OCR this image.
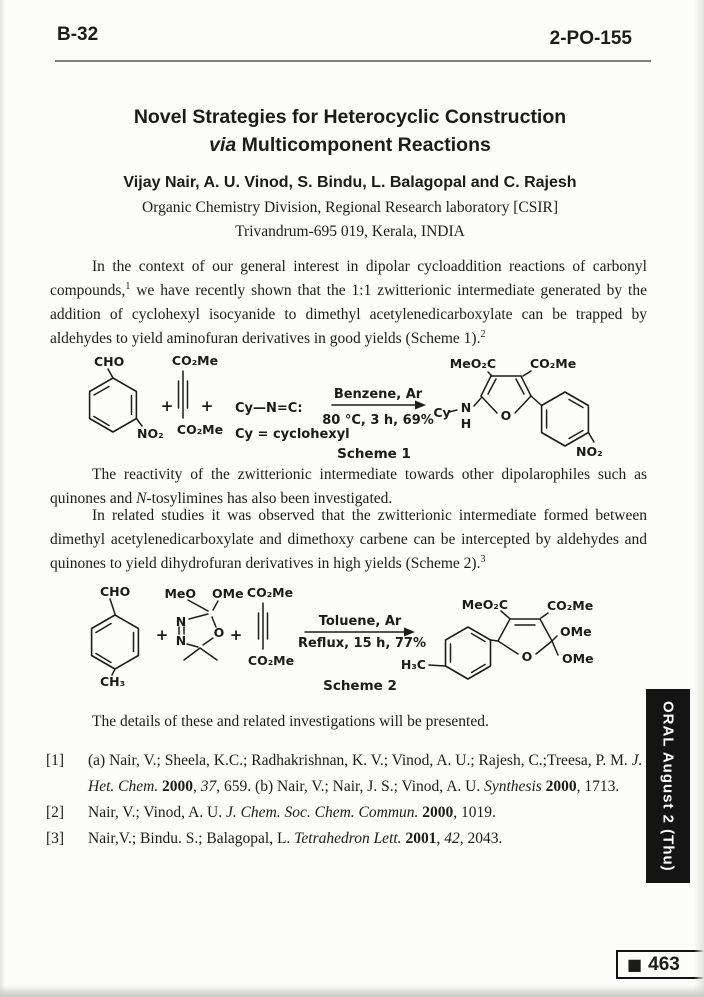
B-32	2-PO-155
Novel Strategies for Heterocyclic Construction
via Multicomponent Reactions
Vijay Nair, A. U. Vinod, S. Bindu, L. Balagopal and C. Rajesh
Organic Chemistry Division, Regional Research laboratory [CSIR]
Trivandrum-695 019, Kerala, INDIA

In the context of our general interest in dipolar cycloaddition reactions of carbonyl compounds,$^1$ we have recently shown that the 1:1 zwitterionic intermediate generated by the addition of cyclohexyl isocyanide to dimethyl acetylenedicarboxylate can be trapped by aldehydes to yield aminofuran derivatives in good yields (Scheme 1).$^2$

CHO
NO₂
+
CO₂Me
CO₂Me
+ Cy—N=C:
Cy = cyclohexyl
Benzene, Ar
80 °C, 3 h, 69%
Scheme 1
Cy N
H
O
MeO₂C	CO₂Me
NO₂

The reactivity of the zwitterionic intermediate towards other dipolarophiles such as quinones and N-tosylimines has also been investigated.

In related studies it was observed that the zwitterionic intermediate formed between dimethyl acetylenedicarboxylate and dimethoxy carbene can be intercepted by aldehydes and quinones to yield dihydrofuran derivatives in high yields (Scheme 2).$^3$

CHO
CH₃
+
MeO OMe
N
N
O +
CO₂Me
CO₂Me
Toluene, Ar
Reflux, 15 h, 77%
Scheme 2
H₃C
O
MeO₂C	CO₂Me
OMe
OMe

The details of these and related investigations will be presented.

[1] (a) Nair, V.; Sheela, K.C.; Radhakrishnan, K. V.; Vinod, A. U.; Rajesh, C.;Treesa, P. M. J. Het. Chem. 2000, 37, 659. (b) Nair, V.; Nair, J. S.; Vinod, A. U. Synthesis 2000, 1713.
[2] Nair, V.; Vinod, A. U. J. Chem. Soc. Chem. Commun. 2000, 1019.
[3] Nair,V.; Bindu. S.; Balagopal, L. Tetrahedron Lett. 2001, 42, 2043.	ORAL August 2 (Thu)
■ 463
